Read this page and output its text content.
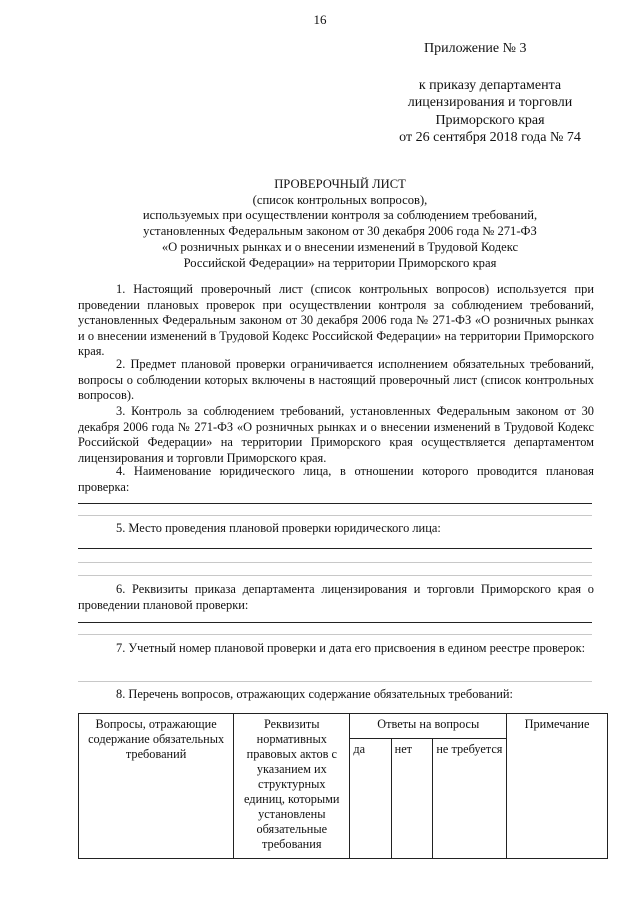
16
Приложение № 3
к приказу департамента
лицензирования и торговли
Приморского края
от 26 сентября 2018 года № 74
ПРОВЕРОЧНЫЙ ЛИСТ
(список контрольных вопросов),
используемых при осуществлении контроля за соблюдением требований,
установленных Федеральным законом от 30 декабря 2006 года № 271-ФЗ
«О розничных рынках и о внесении изменений в Трудовой Кодекс
Российской Федерации» на территории Приморского края

1. Настоящий проверочный лист (список контрольных вопросов) используется при проведении плановых проверок при осуществлении контроля за соблюдением требований, установленных Федеральным законом от 30 декабря 2006 года № 271-ФЗ «О розничных рынках и о внесении изменений в Трудовой Кодекс Российской Федерации» на территории Приморского края.

2. Предмет плановой проверки ограничивается исполнением обязательных требований, вопросы о соблюдении которых включены в настоящий проверочный лист (список контрольных вопросов).

3. Контроль за соблюдением требований, установленных Федеральным законом от 30 декабря 2006 года № 271-ФЗ «О розничных рынках и о внесении изменений в Трудовой Кодекс Российской Федерации» на территории Приморского края осуществляется департаментом лицензирования и торговли Приморского края.

4. Наименование юридического лица, в отношении которого проводится плановая проверка:

5. Место проведения плановой проверки юридического лица:

6. Реквизиты приказа департамента лицензирования и торговли Приморского края о проведении плановой проверки:

7. Учетный номер плановой проверки и дата его присвоения в едином реестре проверок:

8. Перечень вопросов, отражающих содержание обязательных требований:

Вопросы, отражающие содержание обязательных требований	Реквизиты нормативных правовых актов с указанием их структурных единиц, которыми установлены обязательные требования	Ответы на вопросы			Примечание
		да	нет	не требуется	
